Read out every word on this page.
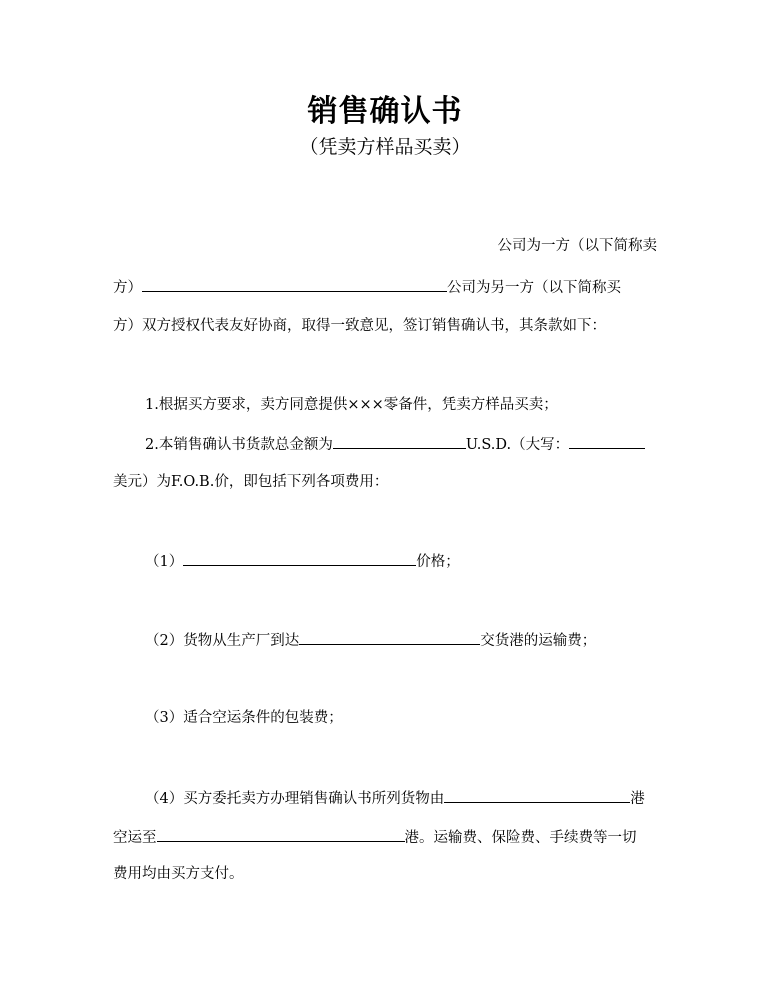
销售确认书
（凭卖方样品买卖）
公司为一方（以下简称卖
方）	公司为另一方（以下简称买
方）双方授权代表友好协商，取得一致意见，签订销售确认书，其条款如下：
1.根据买方要求，卖方同意提供×××零备件，凭卖方样品买卖；
2.本销售确认书货款总金额为	U.S.D.（大写：
美元）为F.O.B.价，即包括下列各项费用：
（1）	价格；
（2）货物从生产厂到达	交货港的运输费；
（3）适合空运条件的包装费；
（4）买方委托卖方办理销售确认书所列货物由	港
空运至	港。运输费、保险费、手续费等一切
费用均由买方支付。
